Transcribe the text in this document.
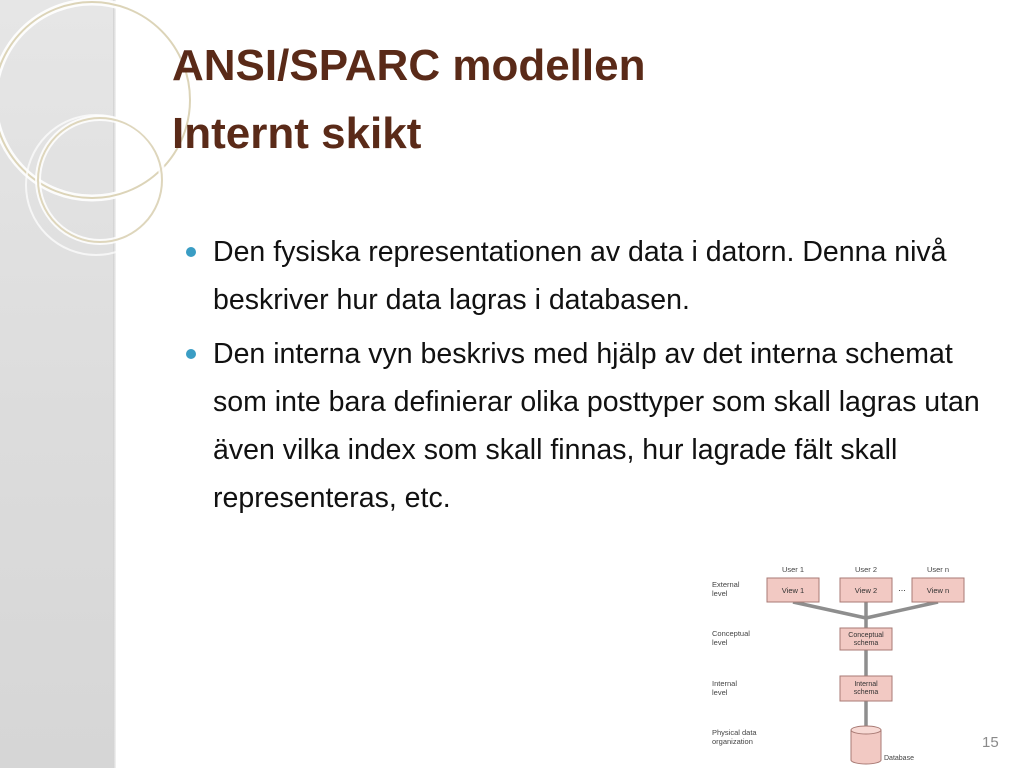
ANSI/SPARC modellen
Internt skikt
Den fysiska representationen av data i datorn. Denna nivå beskriver hur data lagras i databasen.
Den interna vyn beskrivs med hjälp av det interna schemat som inte bara definierar olika posttyper som skall lagras utan även vilka index som skall finnas, hur lagrade fält skall representeras, etc.
External level
Conceptual level
Internal level
Physical data organization
User 1	User 2	User n
View 1	View 2 ...	View n
Conceptual schema
Internal schema
Database
15
